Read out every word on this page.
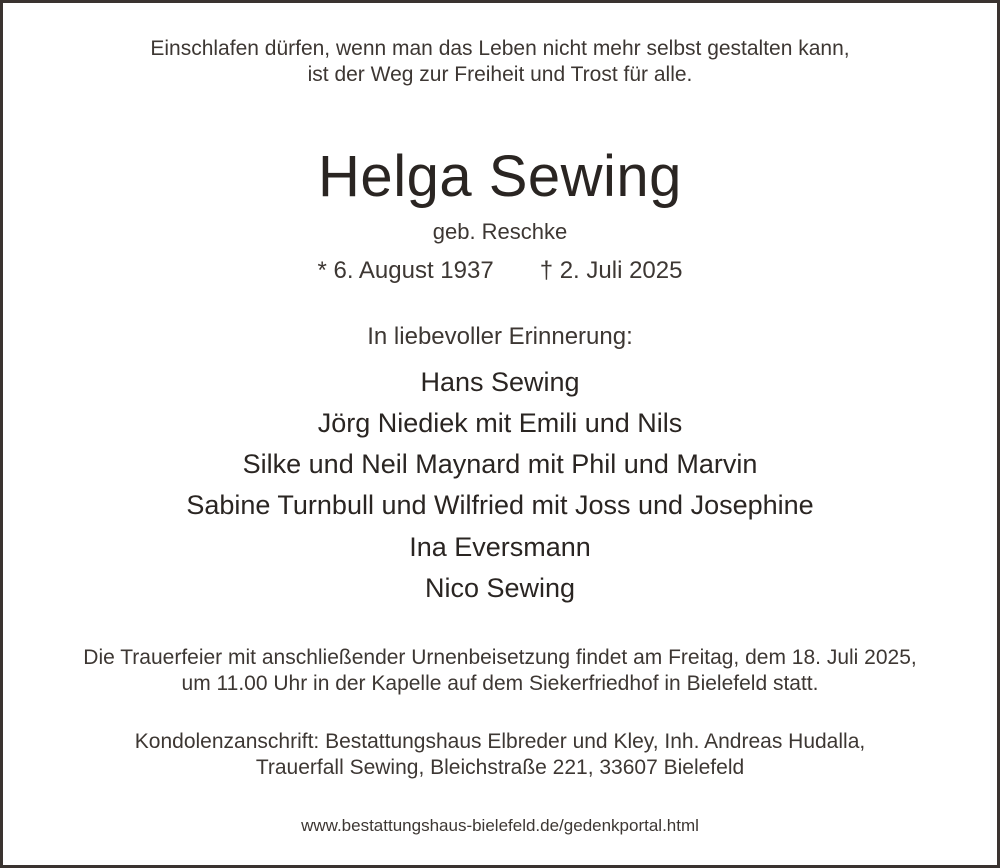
Einschlafen dürfen, wenn man das Leben nicht mehr selbst gestalten kann,
ist der Weg zur Freiheit und Trost für alle.
Helga Sewing
geb. Reschke
* 6. August 1937 † 2. Juli 2025
In liebevoller Erinnerung:
Hans Sewing
Jörg Niediek mit Emili und Nils
Silke und Neil Maynard mit Phil und Marvin
Sabine Turnbull und Wilfried mit Joss und Josephine
Ina Eversmann
Nico Sewing
Die Trauerfeier mit anschließender Urnenbeisetzung findet am Freitag, dem 18. Juli 2025,
um 11.00 Uhr in der Kapelle auf dem Siekerfriedhof in Bielefeld statt.
Kondolenzanschrift: Bestattungshaus Elbreder und Kley, Inh. Andreas Hudalla,
Trauerfall Sewing, Bleichstraße 221, 33607 Bielefeld
www.bestattungshaus-bielefeld.de/gedenkportal.html
